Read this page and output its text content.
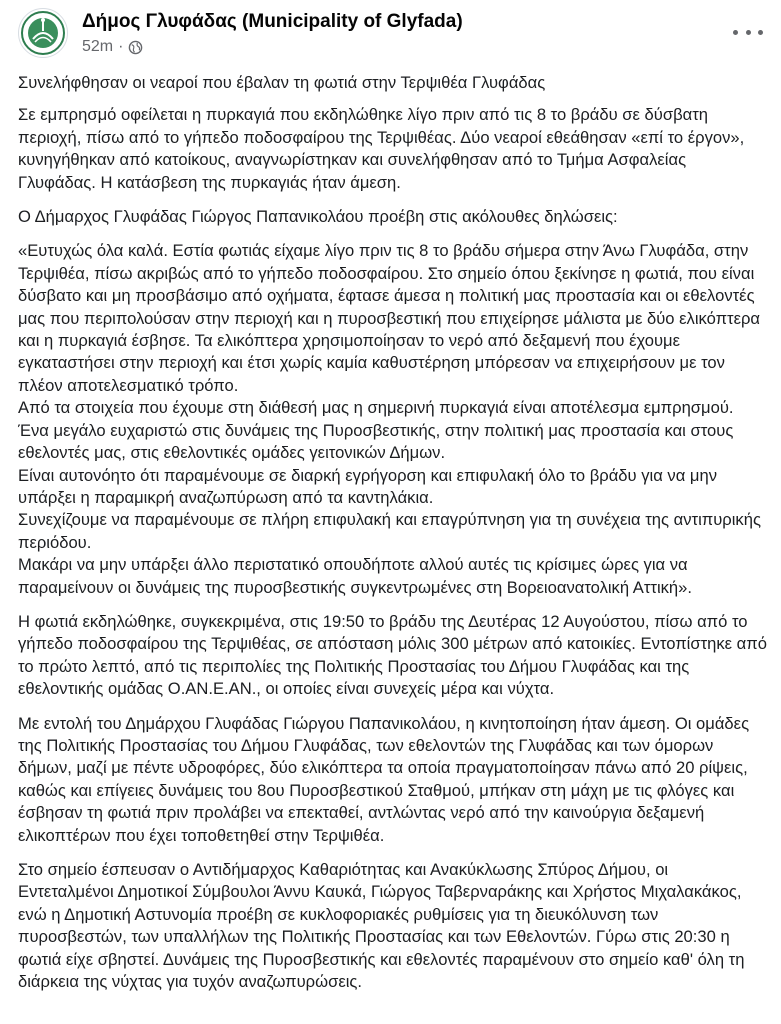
Δήμος Γλυφάδας (Municipality of Glyfada)
52m ·

Συνελήφθησαν οι νεαροί που έβαλαν τη φωτιά στην Τερψιθέα Γλυφάδας

Σε εμπρησμό οφείλεται η πυρκαγιά που εκδηλώθηκε λίγο πριν από τις 8 το βράδυ σε δύσβατη περιοχή, πίσω από το γήπεδο ποδοσφαίρου της Τερψιθέας. Δύο νεαροί εθεάθησαν «επί το έργον», κυνηγήθηκαν από κατοίκους, αναγνωρίστηκαν και συνελήφθησαν από το Τμήμα Ασφαλείας Γλυφάδας. Η κατάσβεση της πυρκαγιάς ήταν άμεση.

Ο Δήμαρχος Γλυφάδας Γιώργος Παπανικολάου προέβη στις ακόλουθες δηλώσεις:

«Ευτυχώς όλα καλά. Εστία φωτιάς είχαμε λίγο πριν τις 8 το βράδυ σήμερα στην Άνω Γλυφάδα, στην Τερψιθέα, πίσω ακριβώς από το γήπεδο ποδοσφαίρου. Στο σημείο όπου ξεκίνησε η φωτιά, που είναι δύσβατο και μη προσβάσιμο από οχήματα, έφτασε άμεσα η πολιτική μας προστασία και οι εθελοντές μας που περιπολούσαν στην περιοχή και η πυροσβεστική που επιχείρησε μάλιστα με δύο ελικόπτερα και η πυρκαγιά έσβησε. Τα ελικόπτερα χρησιμοποίησαν το νερό από δεξαμενή που έχουμε εγκαταστήσει στην περιοχή και έτσι χωρίς καμία καθυστέρηση μπόρεσαν να επιχειρήσουν με τον πλέον αποτελεσματικό τρόπο.
Από τα στοιχεία που έχουμε στη διάθεσή μας η σημερινή πυρκαγιά είναι αποτέλεσμα εμπρησμού.
Ένα μεγάλο ευχαριστώ στις δυνάμεις της Πυροσβεστικής, στην πολιτική μας προστασία και στους εθελοντές μας, στις εθελοντικές ομάδες γειτονικών Δήμων.
Είναι αυτονόητο ότι παραμένουμε σε διαρκή εγρήγορση και επιφυλακή όλο το βράδυ για να μην υπάρξει η παραμικρή αναζωπύρωση από τα καντηλάκια.
Συνεχίζουμε να παραμένουμε σε πλήρη επιφυλακή και επαγρύπνηση για τη συνέχεια της αντιπυρικής περιόδου.
Μακάρι να μην υπάρξει άλλο περιστατικό οπουδήποτε αλλού αυτές τις κρίσιμες ώρες για να παραμείνουν οι δυνάμεις της πυροσβεστικής συγκεντρωμένες στη Βορειοανατολική Αττική».

Η φωτιά εκδηλώθηκε, συγκεκριμένα, στις 19:50 το βράδυ της Δευτέρας 12 Αυγούστου, πίσω από το γήπεδο ποδοσφαίρου της Τερψιθέας, σε απόσταση μόλις 300 μέτρων από κατοικίες. Εντοπίστηκε από το πρώτο λεπτό, από τις περιπολίες της Πολιτικής Προστασίας του Δήμου Γλυφάδας και της εθελοντικής ομάδας Ο.ΑΝ.Ε.ΑΝ., οι οποίες είναι συνεχείς μέρα και νύχτα.

Με εντολή του Δημάρχου Γλυφάδας Γιώργου Παπανικολάου, η κινητοποίηση ήταν άμεση. Οι ομάδες της Πολιτικής Προστασίας του Δήμου Γλυφάδας, των εθελοντών της Γλυφάδας και των όμορων δήμων, μαζί με πέντε υδροφόρες, δύο ελικόπτερα τα οποία πραγματοποίησαν πάνω από 20 ρίψεις, καθώς και επίγειες δυνάμεις του 8ου Πυροσβεστικού Σταθμού, μπήκαν στη μάχη με τις φλόγες και έσβησαν τη φωτιά πριν προλάβει να επεκταθεί, αντλώντας νερό από την καινούργια δεξαμενή ελικοπτέρων που έχει τοποθετηθεί στην Τερψιθέα.

Στο σημείο έσπευσαν ο Αντιδήμαρχος Καθαριότητας και Ανακύκλωσης Σπύρος Δήμου, οι Εντεταλμένοι Δημοτικοί Σύμβουλοι Άννυ Καυκά, Γιώργος Ταβερναράκης και Χρήστος Μιχαλακάκος, ενώ η Δημοτική Αστυνομία προέβη σε κυκλοφοριακές ρυθμίσεις για τη διευκόλυνση των πυροσβεστών, των υπαλλήλων της Πολιτικής Προστασίας και των Εθελοντών. Γύρω στις 20:30 η φωτιά είχε σβηστεί. Δυνάμεις της Πυροσβεστικής και εθελοντές παραμένουν στο σημείο καθ' όλη τη διάρκεια της νύχτας για τυχόν αναζωπυρώσεις.
